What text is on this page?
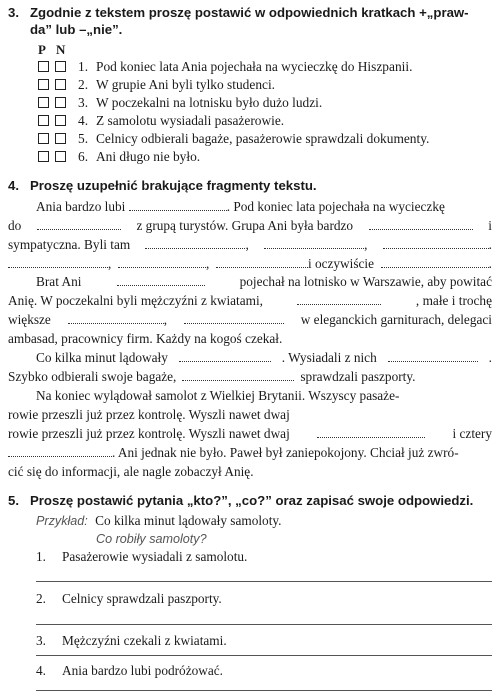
3. Zgodnie z tekstem proszę postawić w odpowiednich kratkach +„praw-
da” lub –„nie”.
P N
1. Pod koniec lata Ania pojechała na wycieczkę do Hiszpanii.
2. W grupie Ani byli tylko studenci.
3. W poczekalni na lotnisku było dużo ludzi.
4. Z samolotu wysiadali pasażerowie.
5. Celnicy odbierali bagaże, pasażerowie sprawdzali dokumenty.
6. Ani długo nie było.
4. Proszę uzupełnić brakujące fragmenty tekstu.
Ania bardzo lubi	. Pod koniec lata pojechała na wycieczkę
do	z grupą turystów. Grupa Ani była bardzo	i
sympatyczna. Byli tam	,	,	.
,	,	i oczywiście	.
Brat Ani	pojechał na lotnisko w Warszawie, aby powitać
Anię. W poczekalni byli mężczyźni z kwiatami,	, małe i trochę
większe	,	w eleganckich garniturach, delegaci
ambasad, pracownicy firm. Każdy na kogoś czekał.
Co kilka minut lądowały	. Wysiadali z nich	.
Szybko odbierali swoje bagaże,	sprawdzali paszporty.
Na koniec wylądował samolot z Wielkiej Brytanii. Wszyscy pasaże-
rowie przeszli już przez kontrolę. Wyszli nawet dwaj
rowie przeszli już przez kontrolę. Wyszli nawet dwaj	i cztery
. Ani jednak nie było. Paweł był zaniepokojony. Chciał już zwró-
cić się do informacji, ale nagle zobaczył Anię.
5. Proszę postawić pytania „kto?”, „co?” oraz zapisać swoje odpowiedzi.
Przykład: Co kilka minut lądowały samoloty.
Co robiły samoloty?
1. Pasażerowie wysiadali z samolotu.
2. Celnicy sprawdzali paszporty.
3. Mężczyźni czekali z kwiatami.
4. Ania bardzo lubi podróżować.
